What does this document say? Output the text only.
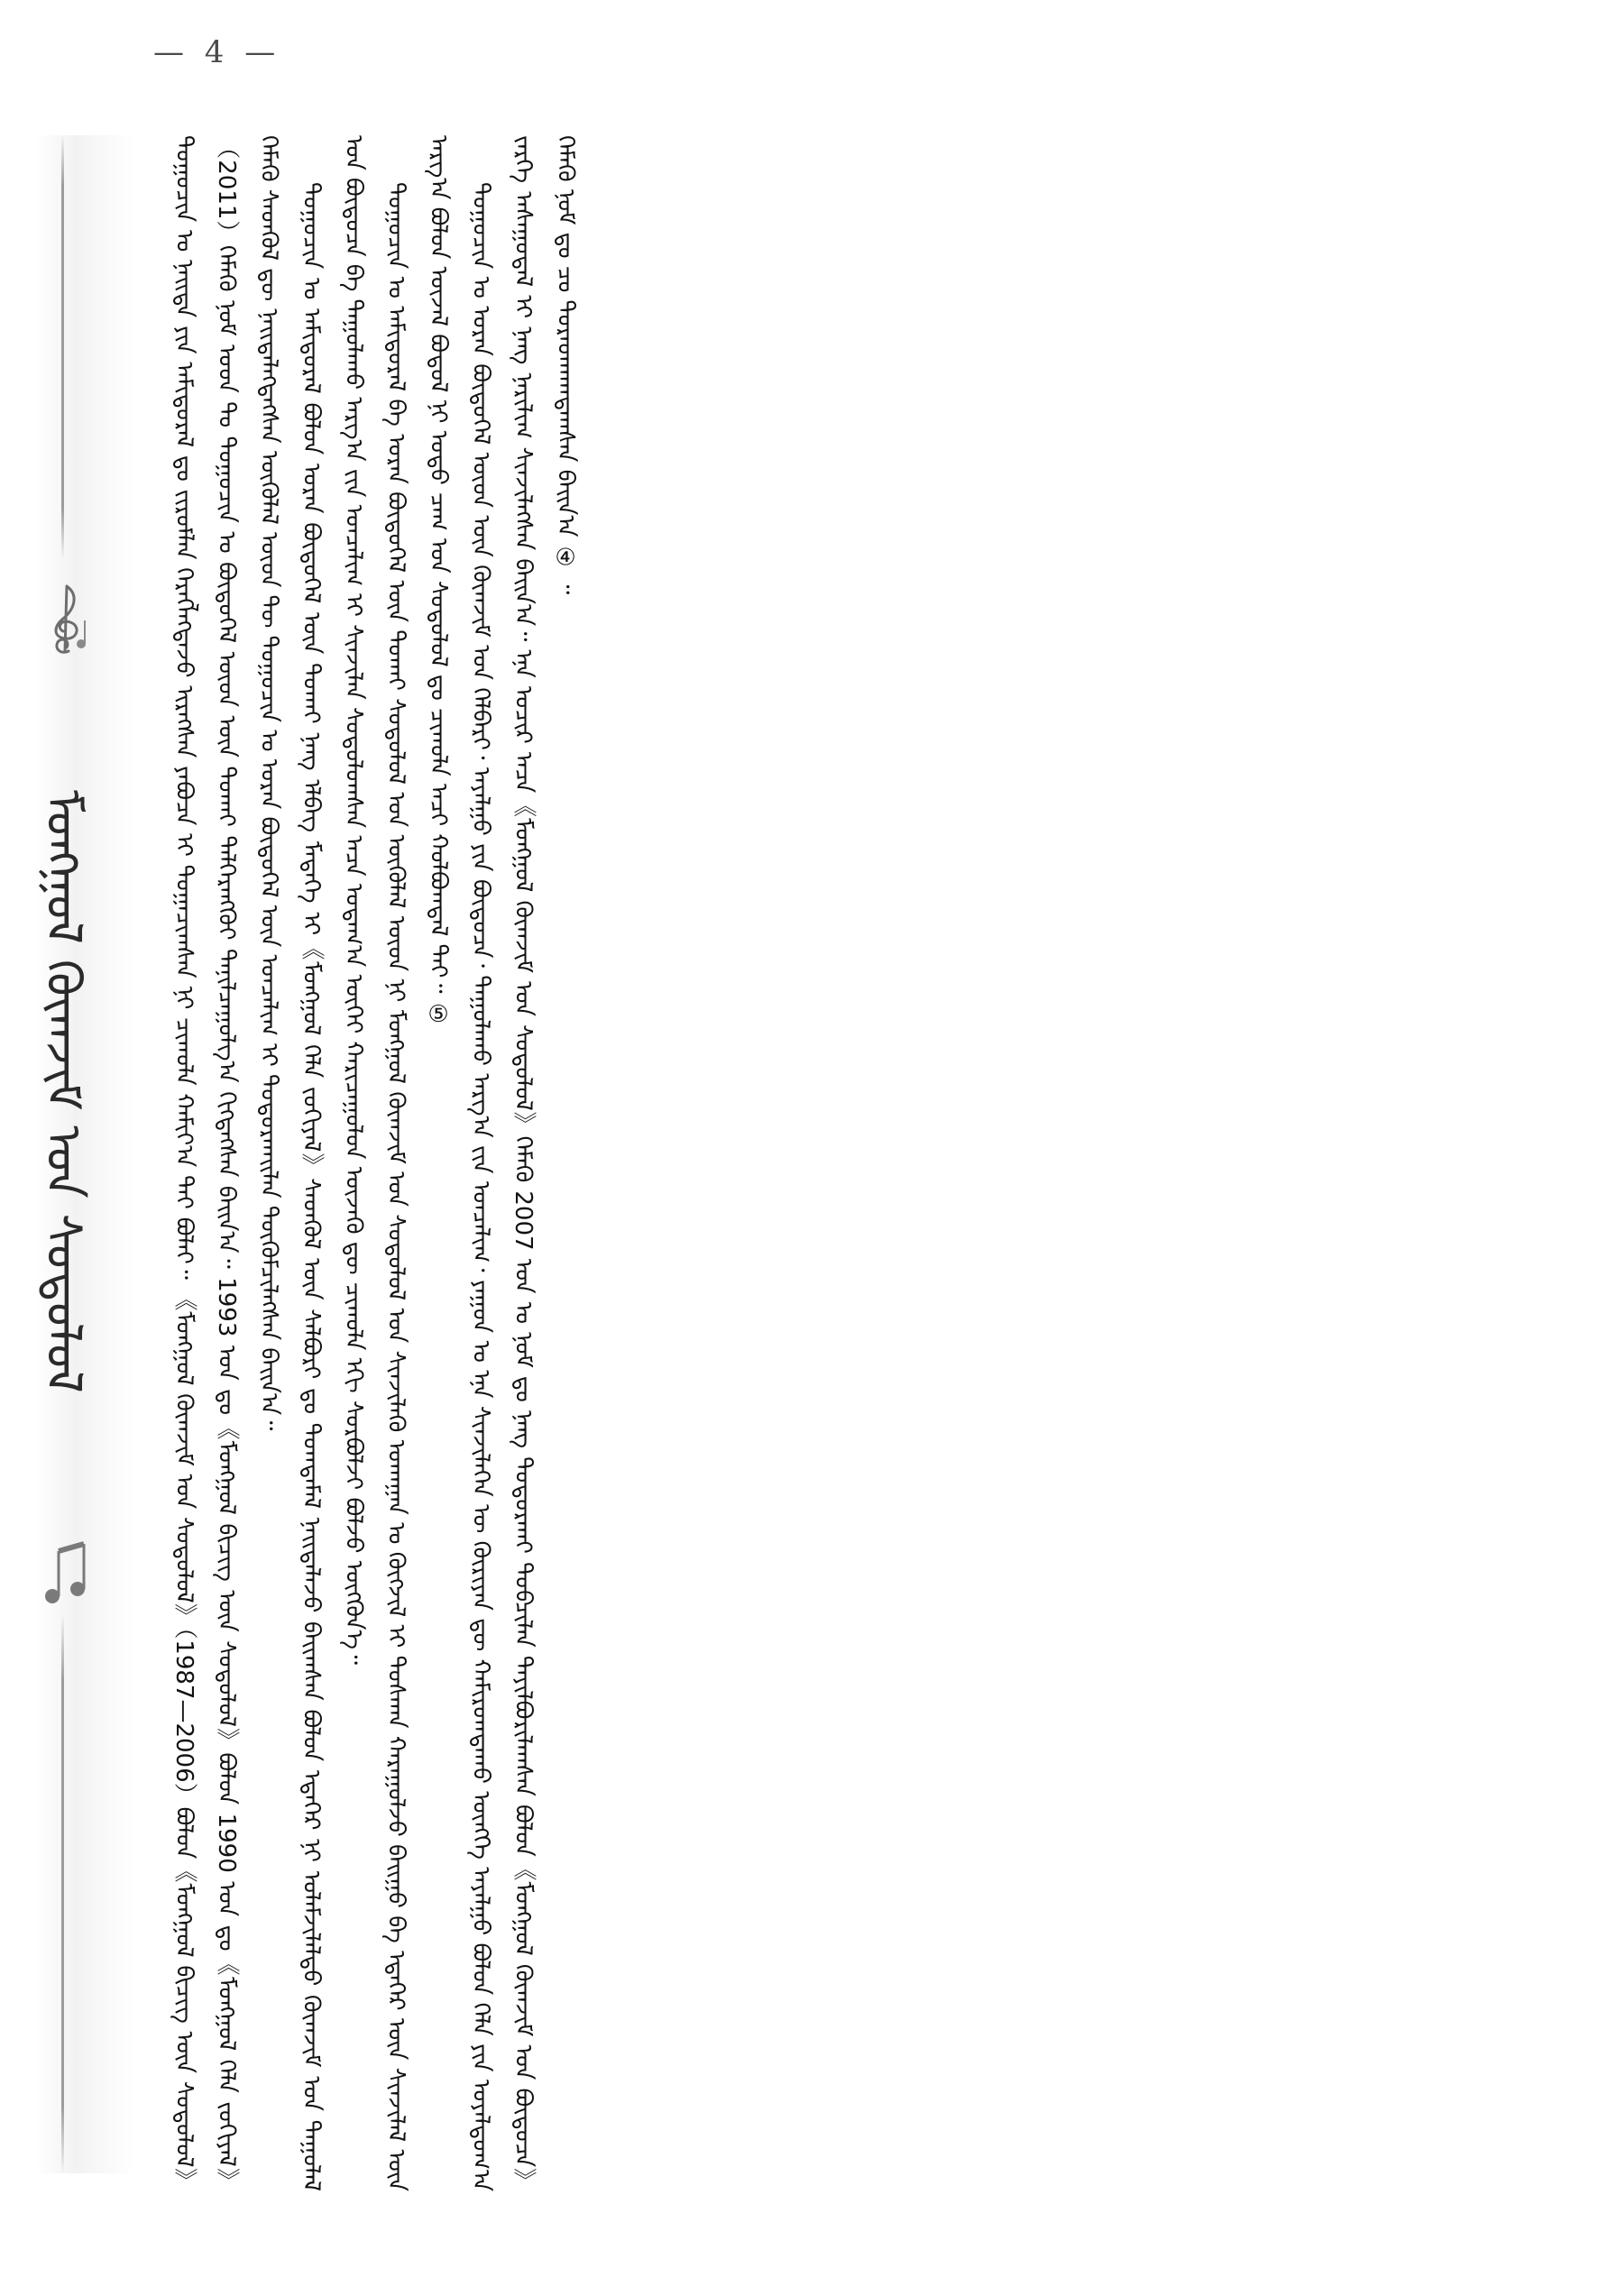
— 4 —
ᠮᠣᠩᠭᠣᠯ ᠬᠦᠭ᠍ᠵᠢᠮ ᠤᠨ ᠰᠤᠳᠤᠯᠤᠯ	ᠳᠤᠭᠤᠴᠢᠨ ᠤ ᠨᠡᠢᠲᠡ ᠶᠢᠨ ᠠᠮᠢᠳᠤᠷᠠᠯ ᠳᠤ ᠵᠢᠷᠤᠮᠯᠠᠨ ᠬᠡᠷᠡᠭᠯᠡᠭᠳᠡᠵᠦ ᠢᠷᠡᠭᠰᠡᠨ ᠶᠠᠪᠤᠴᠠ ᠢ ᠲᠣᠭᠠᠴᠢᠭᠰᠠᠨ ᠨᠢ ᠴᠢᠬᠤᠯᠠ ᠬᠠᠮᠢᠶ᠎ᠠ ᠲᠠᠢ ᠪᠣᠯᠠᠢ᠃ 《ᠮᠣᠩᠭᠣᠯ ᠬᠦᠭ᠍ᠵᠢᠮ ᠤᠨ ᠰᠤᠳᠤᠯᠤᠯ》（1987—2006）ᠪᠣᠯᠤᠨ《ᠮᠣᠩᠭᠣᠯ ᠪᠢᠴᠢᠭ᠌ ᠦᠨ ᠰᠤᠳᠤᠯᠤᠯ》（2011）ᠬᠡᠮᠡᠬᠦ ᠨᠣᠮ ᠤᠳ ᠲᠤ ᠳᠤᠭᠤᠴᠢᠨ ᠤ ᠪᠦᠲᠦᠭᠡᠯ ᠦᠳ ᠦᠨ ᠲᠤᠬᠠᠢ ᠳᠡᠯᠭᠡᠷᠡᠩᠭᠦᠢ ᠲᠠᠨᠢᠯᠴᠠᠭᠤᠯᠭ᠎ᠠ ᠬᠢᠭᠳᠡᠭᠰᠡᠨ ᠪᠠᠢᠨ᠎ᠠ᠃ 1993 ᠣᠨ ᠳᠤ《ᠮᠣᠩᠭᠣᠯ ᠪᠢᠴᠢᠭ᠌ ᠦᠨ ᠰᠤᠳᠤᠯᠤᠯ》ᠪᠣᠯᠤᠨ 1990 ᠣᠨ ᠳᠤ《ᠮᠣᠩᠭᠣᠯ ᠬᠡᠯᠡ ᠵᠣᠬᠢᠶᠠᠯ》ᠬᠡᠮᠡᠬᠦ ᠰᠡᠳᠬᠦᠯ ᠳᠦ ᠨᠡᠢᠲᠡᠯᠡᠭᠳᠡᠭᠰᠡᠨ ᠥᠭᠦᠯᠡᠯ ᠦᠳ ᠲᠦ ᠳᠤᠭᠤᠴᠢᠨ ᠤ ᠤᠷᠠᠨ ᠪᠦᠲᠦᠭᠡᠯ ᠦᠨ ᠣᠨᠴᠠᠯᠢᠭ ᠢ ᠲᠣᠳᠤᠷᠬᠠᠢᠯᠠᠨ ᠳᠦᠭᠦᠮᠴᠢᠯᠡᠭᠰᠡᠨ ᠪᠠᠢᠨ᠎ᠠ᠃ ᠳᠤᠭᠤᠴᠢᠨ ᠤ ᠠᠮᠢᠳᠤᠷᠠᠯ ᠪᠣᠯᠤᠨ ᠤᠷᠠᠨ ᠪᠦᠲᠦᠭᠡᠯ ᠦᠨ ᠲᠤᠬᠠᠢ ᠨᠡᠩ ᠡᠯᠪᠡᠭ ᠮᠡᠳᠡᠭᠡ ᠢ《ᠮᠣᠩᠭᠣᠯ ᠬᠡᠯᠡ ᠵᠣᠬᠢᠶᠠᠯ》ᠰᠡᠳᠬᠦᠯ ᠦᠨ ᠰᠠᠯᠪᠤᠷᠢ ᠳᠤ ᠲᠣᠭᠲᠠᠮᠠᠯ ᠨᠡᠢᠲᠡᠯᠡᠵᠦ ᠪᠠᠢᠭᠰᠠᠨ ᠪᠣᠯᠤᠨ ᠡᠳᠡᠭᠡᠷ ᠨᠢ ᠤᠯᠠᠮᠵᠢᠯᠠᠯᠲᠤ ᠬᠦᠭ᠍ᠵᠢᠮ ᠤᠨ ᠳᠠᠭᠤᠯᠠᠯ ᠤᠨ ᠪᠦᠲᠦᠴᠡ ᠪᠠ ᠳᠠᠭᠤᠯᠠᠬᠤ ᠠᠷᠭ᠎ᠠ ᠵᠢᠨ ᠣᠨᠴᠠᠯᠢᠭ ᠢ ᠰᠢᠨᠵᠢᠯᠡᠨ ᠰᠤᠳᠤᠯᠤᠭᠰᠠᠨ ᠠᠴᠠ ᠤᠳᠠᠭ᠎ᠠ ᠦᠭᠡᠢ ᠬᠠᠷᠢᠴᠠᠭᠤᠯᠤᠨ ᠦᠵᠡᠬᠦ ᠳᠦ ᠴᠢᠬᠤᠯᠠ ᠡᠬᠢ ᠰᠤᠷᠪᠤᠯᠵᠢ ᠪᠣᠯᠵᠤ ᠥᠭᠭᠦᠨ᠎ᠡ᠃ ᠳᠤᠭᠤᠴᠢᠨ ᠤ ᠠᠮᠢᠳᠤᠷᠠᠯ ᠪᠠ ᠤᠷᠠᠨ ᠪᠦᠲᠦᠭᠡᠯ ᠦᠨ ᠲᠤᠬᠠᠢ ᠰᠤᠳᠤᠯᠤᠯ ᠤᠨ ᠥᠭᠦᠯᠡᠯ ᠦᠳ ᠨᠢ ᠮᠣᠩᠭᠣᠯ ᠬᠦᠭ᠍ᠵᠢᠮ ᠤᠨ ᠰᠤᠳᠤᠯᠤᠯ ᠤᠨ ᠰᠢᠨᠵᠢᠯᠡᠬᠦ ᠤᠬᠠᠭᠠᠨ ᠤ ᠬᠥᠭᠵᠢᠯ ᠢ ᠲᠤᠰᠬᠠᠨ ᠬᠠᠷᠠᠭᠤᠯᠵᠤ ᠪᠠᠢᠭᠤ ᠪᠠ ᠡᠳᠡᠭᠡᠷ ᠦᠨ ᠰᠢᠨᠵᠢᠯᠡᠯ ᠦᠨ ᠠᠷᠭ᠎ᠠ ᠪᠣᠯᠤᠨ ᠦᠵᠡᠯ ᠪᠣᠳᠤᠯ ᠨᠢ ᠣᠳᠣ ᠴᠠᠭ ᠤᠨ ᠰᠤᠳᠤᠯᠤᠯ ᠳᠤ ᠴᠢᠬᠤᠯᠠ ᠠᠴᠢ ᠬᠣᠯᠪᠣᠭᠳᠠᠯ ᠲᠠᠢ᠃ ⑤ ᠳᠤᠭᠤᠴᠢᠨ ᠤ ᠤᠷᠠᠨ ᠪᠦᠲᠦᠭᠡᠯ ᠦᠳ ᠦᠨ ᠬᠦᠭ᠍ᠵᠢᠮ ᠤᠨ ᠬᠡᠯᠪᠡᠷᠢ᠂ ᠠᠶᠠᠯᠭᠤ ᠶᠢᠨ ᠪᠦᠲᠦᠴᠡ᠂ ᠳᠠᠭᠤᠯᠠᠬᠤ ᠠᠷᠭ᠎ᠠ ᠵᠢᠨ ᠣᠨᠴᠠᠯᠢᠭ᠂ ᠶᠠᠭᠤᠨ ᠤ ᠡᠨᠡ ᠰᠢᠨᠵᠢᠯᠡᠭᠡᠨ ᠦ ᠬᠦᠷᠢᠶᠡᠨ ᠳᠦ ᠬᠠᠮᠢᠷᠤᠭᠳᠠᠬᠤ ᠥᠩᠭᠡ ᠠᠶᠠᠯᠭᠤ ᠪᠣᠯᠤᠨ ᠬᠡᠯᠡ ᠶᠢᠨ ᠤᠶᠠᠯᠳᠤᠭ᠎ᠠ ᠵᠡᠷᠭᠡ ᠠᠰᠠᠭᠤᠳᠠᠯ ᠢ ᠨᠡᠩ ᠨᠠᠷᠢᠯᠢᠭ ᠰᠢᠨᠵᠢᠯᠡᠭᠰᠡᠨ ᠪᠠᠢᠨ᠎ᠠ᠃ ᠡᠨᠡ ᠤᠴᠢᠷ ᠠᠴᠠ《ᠮᠣᠩᠭᠣᠯ ᠬᠦᠭ᠍ᠵᠢᠮ ᠤᠨ ᠰᠤᠳᠤᠯᠤᠯ》ᠬᠡᠮᠡᠬᠦ 2007 ᠣᠨ ᠤ ᠨᠣᠮ ᠳᠤ ᠨᠡᠩ ᠲᠣᠳᠤᠷᠬᠠᠢ ᠲᠣᠪᠴᠢᠯᠠᠨ ᠲᠠᠶᠢᠯᠪᠤᠷᠢᠯᠠᠭᠰᠠᠨ ᠪᠣᠯᠤᠨ《ᠮᠣᠩᠭᠣᠯ ᠬᠦᠭ᠍ᠵᠢᠮ ᠤᠨ ᠪᠦᠲᠦᠴᠡ》ᠬᠡᠮᠡᠬᠦ ᠨᠣᠮ ᠳᠤ ᠴᠤ ᠳᠤᠷᠠᠳᠬᠠᠭᠳᠠᠭᠰᠠᠨ ᠪᠠᠢᠨ᠎ᠠ ④ ᠃
